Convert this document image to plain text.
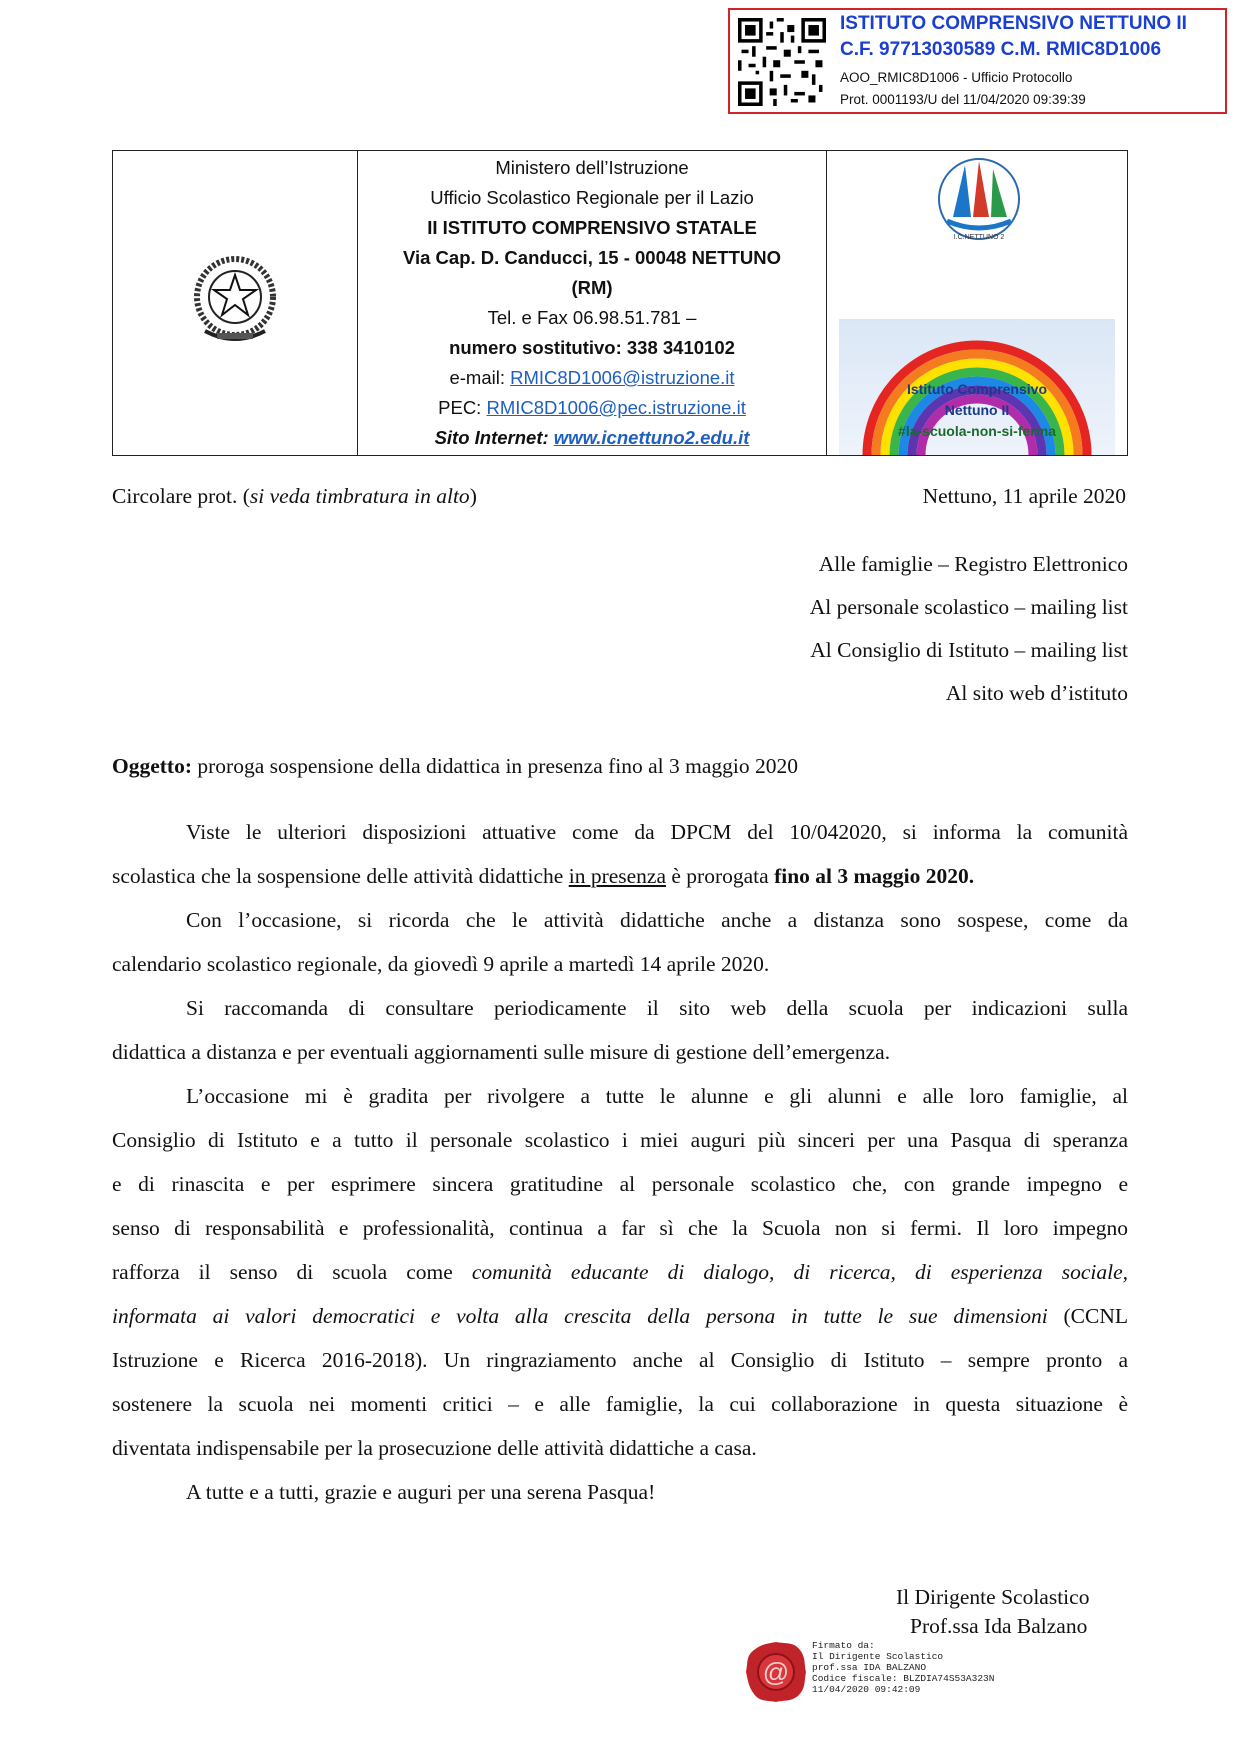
ISTITUTO COMPRENSIVO NETTUNO II
C.F. 97713030589 C.M. RMIC8D1006
AOO_RMIC8D1006 - Ufficio Protocollo
Prot. 0001193/U del 11/04/2020 09:39:39
Ministero dell’Istruzione
Ufficio Scolastico Regionale per il Lazio
II ISTITUTO COMPRENSIVO STATALE
Via Cap. D. Canducci, 15 - 00048 NETTUNO
(RM)
Tel. e Fax 06.98.51.781 –
numero sostitutivo: 338 3410102
e-mail: RMIC8D1006@istruzione.it
PEC: RMIC8D1006@pec.istruzione.it
Sito Internet: www.icnettuno2.edu.it
I.C.NETTUNO 2
Istituto Comprensivo
Nettuno II
#la-scuola-non-si-ferma
Circolare prot. (si veda timbratura in alto)	Nettuno, 11 aprile 2020
Alle famiglie – Registro Elettronico
Al personale scolastico – mailing list
Al Consiglio di Istituto – mailing list
Al sito web d’istituto
Oggetto: proroga sospensione della didattica in presenza fino al 3 maggio 2020
Viste le ulteriori disposizioni attuative come da DPCM del 10/042020, si informa la comunità
scolastica che la sospensione delle attività didattiche in presenza è prorogata fino al 3 maggio 2020.
Con l’occasione, si ricorda che le attività didattiche anche a distanza sono sospese, come da
calendario scolastico regionale, da giovedì 9 aprile a martedì 14 aprile 2020.
Si raccomanda di consultare periodicamente il sito web della scuola per indicazioni sulla
didattica a distanza e per eventuali aggiornamenti sulle misure di gestione dell’emergenza.
L’occasione mi è gradita per rivolgere a tutte le alunne e gli alunni e alle loro famiglie, al
Consiglio di Istituto e a tutto il personale scolastico i miei auguri più sinceri per una Pasqua di speranza
e di rinascita e per esprimere sincera gratitudine al personale scolastico che, con grande impegno e
senso di responsabilità e professionalità, continua a far sì che la Scuola non si fermi. Il loro impegno
rafforza il senso di scuola come comunità educante di dialogo, di ricerca, di esperienza sociale,
informata ai valori democratici e volta alla crescita della persona in tutte le sue dimensioni (CCNL
Istruzione e Ricerca 2016-2018). Un ringraziamento anche al Consiglio di Istituto – sempre pronto a
sostenere la scuola nei momenti critici – e alle famiglie, la cui collaborazione in questa situazione è
diventata indispensabile per la prosecuzione delle attività didattiche a casa.
A tutte e a tutti, grazie e auguri per una serena Pasqua!
Il Dirigente Scolastico
Prof.ssa Ida Balzano
@
Firmato da:
Il Dirigente Scolastico
prof.ssa IDA BALZANO
Codice fiscale: BLZDIA74S53A323N
11/04/2020 09:42:09
